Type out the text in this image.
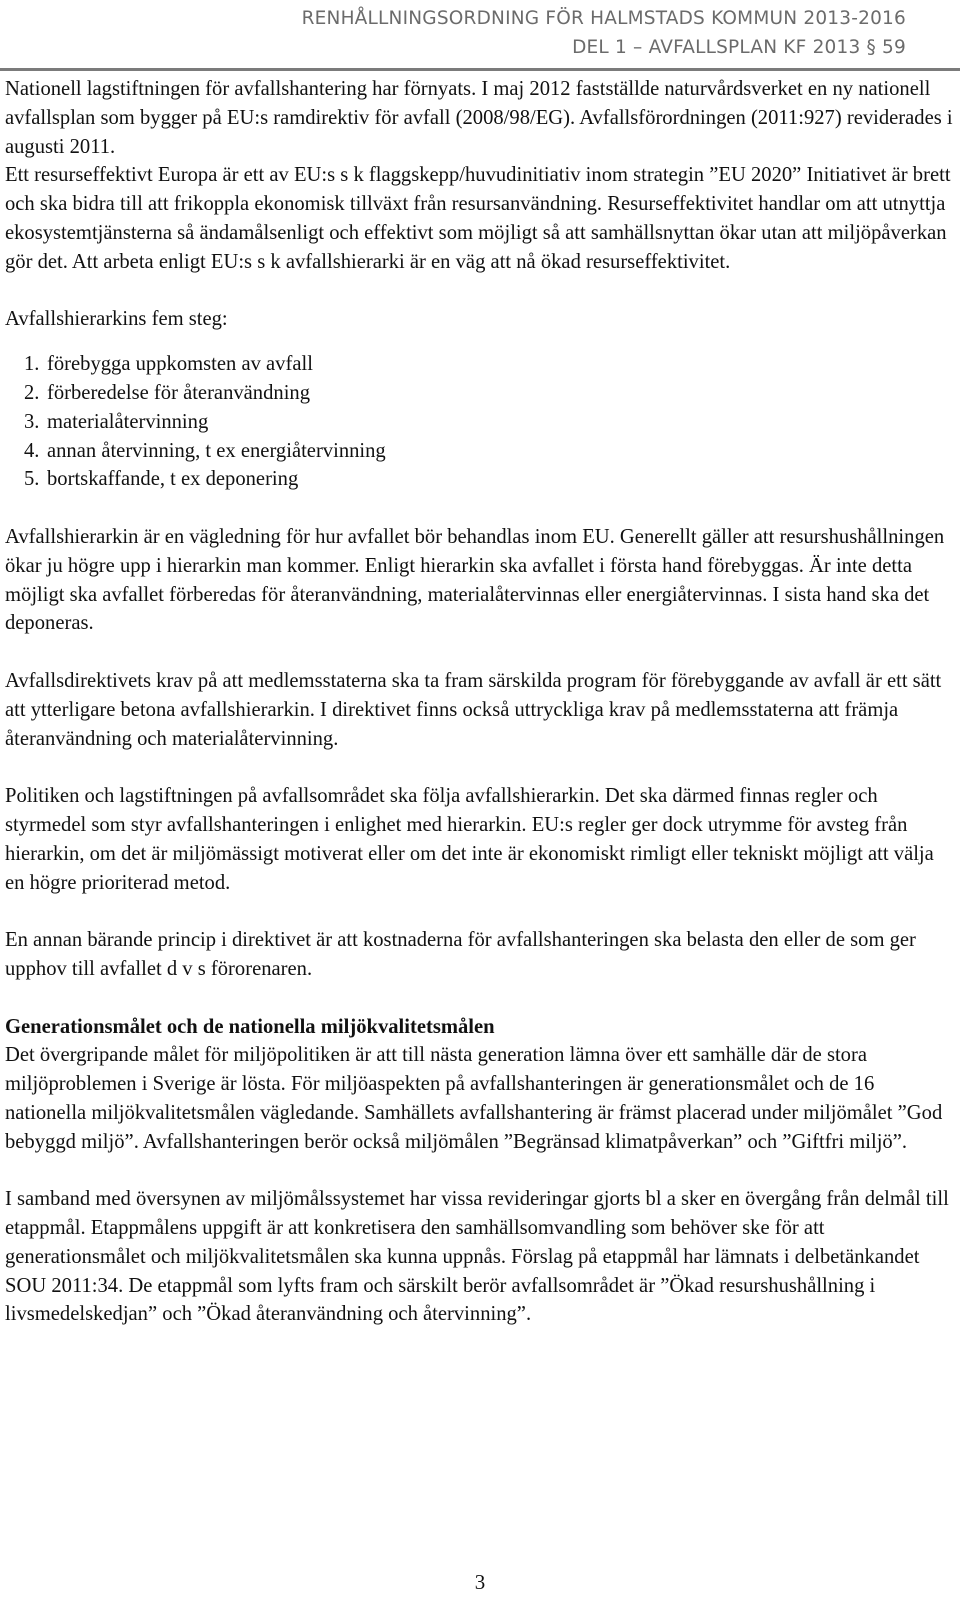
RENHÅLLNINGSORDNING FÖR HALMSTADS KOMMUN 2013-2016
DEL 1 – AVFALLSPLAN KF 2013 § 59

Nationell lagstiftningen för avfallshantering har förnyats. I maj 2012 fastställde naturvårdsverket en ny nationell avfallsplan som bygger på EU:s ramdirektiv för avfall (2008/98/EG). Avfallsförordningen (2011:927) reviderades i augusti 2011.

Ett resurseffektivt Europa är ett av EU:s s k flaggskepp/huvudinitiativ inom strategin ”EU 2020” Initiativet är brett och ska bidra till att frikoppla ekonomisk tillväxt från resursanvändning. Resurseffektivitet handlar om att utnyttja ekosystemtjänsterna så ändamålsenligt och effektivt som möjligt så att samhällsnyttan ökar utan att miljöpåverkan gör det. Att arbeta enligt EU:s s k avfallshierarki är en väg att nå ökad resurseffektivitet.

Avfallshierarkins fem steg:

1. förebygga uppkomsten av avfall
2. förberedelse för återanvändning
3. materialåtervinning
4. annan återvinning, t ex energiåtervinning
5. bortskaffande, t ex deponering

Avfallshierarkin är en vägledning för hur avfallet bör behandlas inom EU. Generellt gäller att resurshushållningen ökar ju högre upp i hierarkin man kommer. Enligt hierarkin ska avfallet i första hand förebyggas. Är inte detta möjligt ska avfallet förberedas för återanvändning, materialåtervinnas eller energiåtervinnas. I sista hand ska det deponeras.

Avfallsdirektivets krav på att medlemsstaterna ska ta fram särskilda program för förebyggande av avfall är ett sätt att ytterligare betona avfallshierarkin. I direktivet finns också uttryckliga krav på medlemsstaterna att främja återanvändning och materialåtervinning.

Politiken och lagstiftningen på avfallsområdet ska följa avfallshierarkin. Det ska därmed finnas regler och styrmedel som styr avfallshanteringen i enlighet med hierarkin. EU:s regler ger dock utrymme för avsteg från hierarkin, om det är miljömässigt motiverat eller om det inte är ekonomiskt rimligt eller tekniskt möjligt att välja en högre prioriterad metod.

En annan bärande princip i direktivet är att kostnaderna för avfallshanteringen ska belasta den eller de som ger upphov till avfallet d v s förorenaren.

Generationsmålet och de nationella miljökvalitetsmålen

Det övergripande målet för miljöpolitiken är att till nästa generation lämna över ett samhälle där de stora miljöproblemen i Sverige är lösta. För miljöaspekten på avfallshanteringen är generationsmålet och de 16 nationella miljökvalitetsmålen vägledande. Samhällets avfallshantering är främst placerad under miljömålet ”God bebyggd miljö”. Avfallshanteringen berör också miljömålen ”Begränsad klimatpåverkan” och ”Giftfri miljö”.

I samband med översynen av miljömålssystemet har vissa revideringar gjorts bl a sker en övergång från delmål till etappmål. Etappmålens uppgift är att konkretisera den samhällsomvandling som behöver ske för att generationsmålet och miljökvalitetsmålen ska kunna uppnås. Förslag på etappmål har lämnats i delbetänkandet SOU 2011:34. De etappmål som lyfts fram och särskilt berör avfallsområdet är ”Ökad resurshushållning i livsmedelskedjan” och ”Ökad återanvändning och återvinning”.

3
